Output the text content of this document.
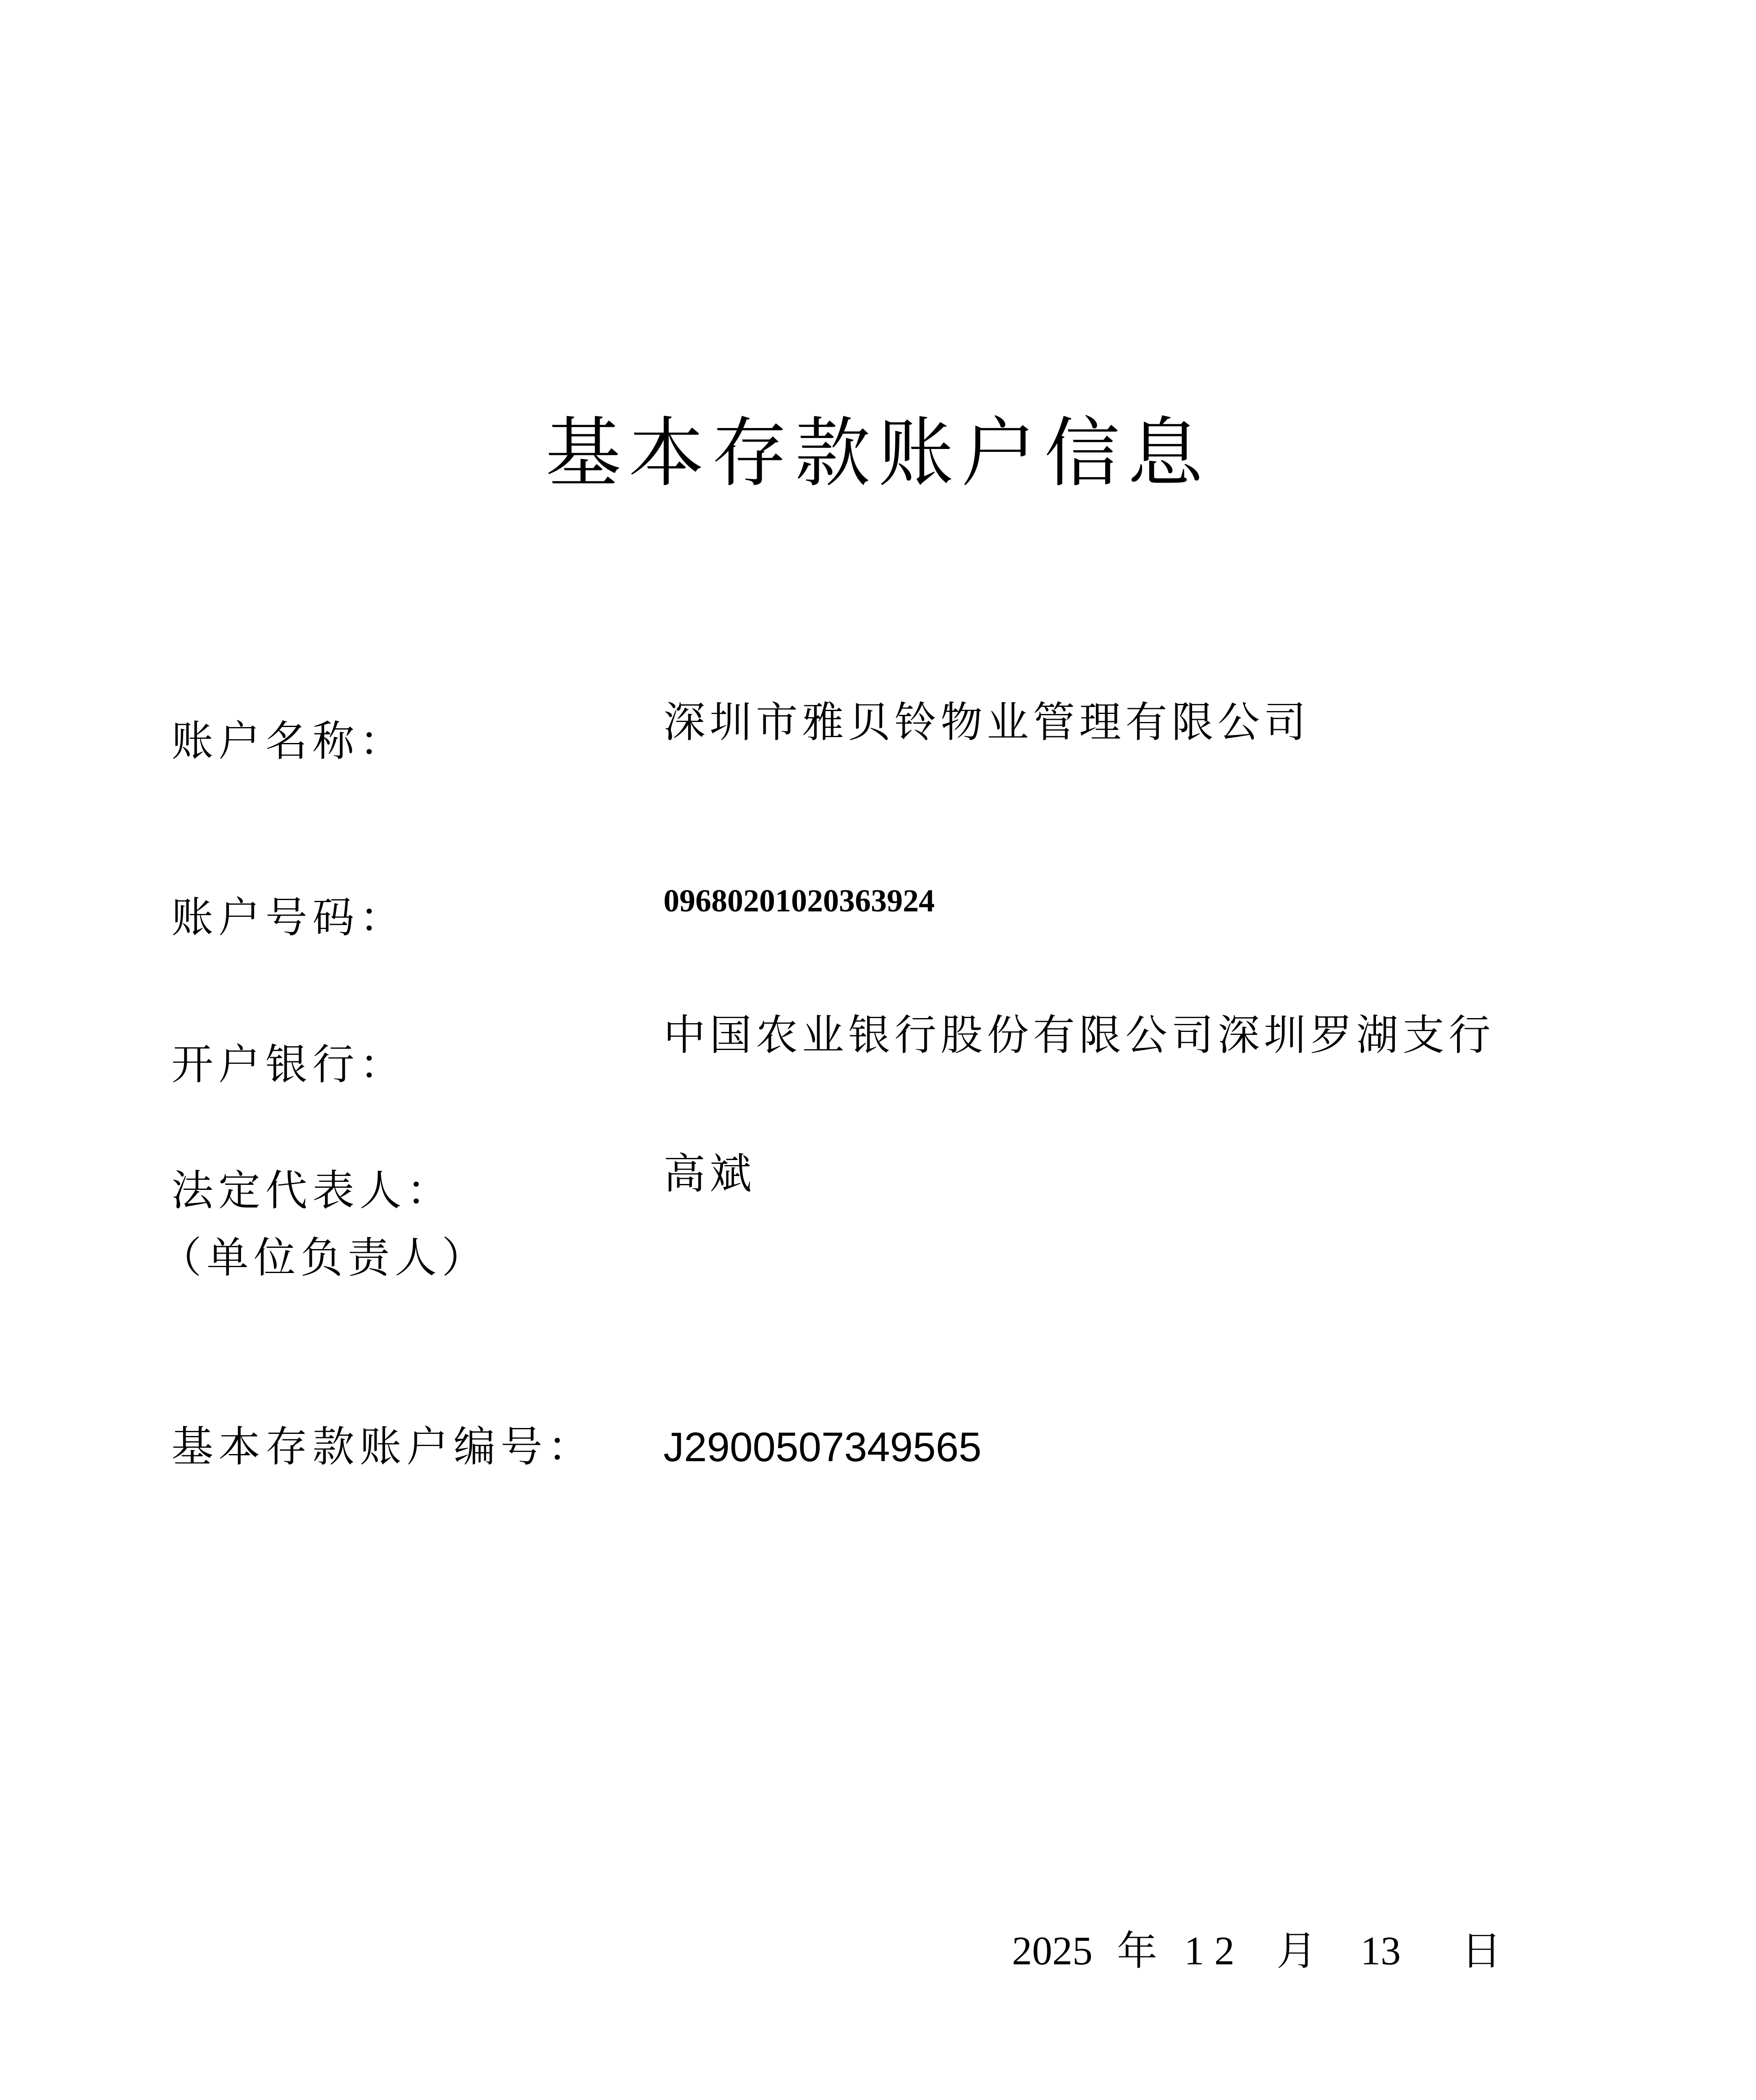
基本存款账户信息
账户名称：	深圳市雅贝铃物业管理有限公司
账户号码：	09680201020363924
开户银行：
中国农业银行股份有限公司深圳罗湖支行
法定代表人：
（单位负责人）
高斌
基本存款账户编号： J2900507349565
2025 年 1 2 月 13 日
